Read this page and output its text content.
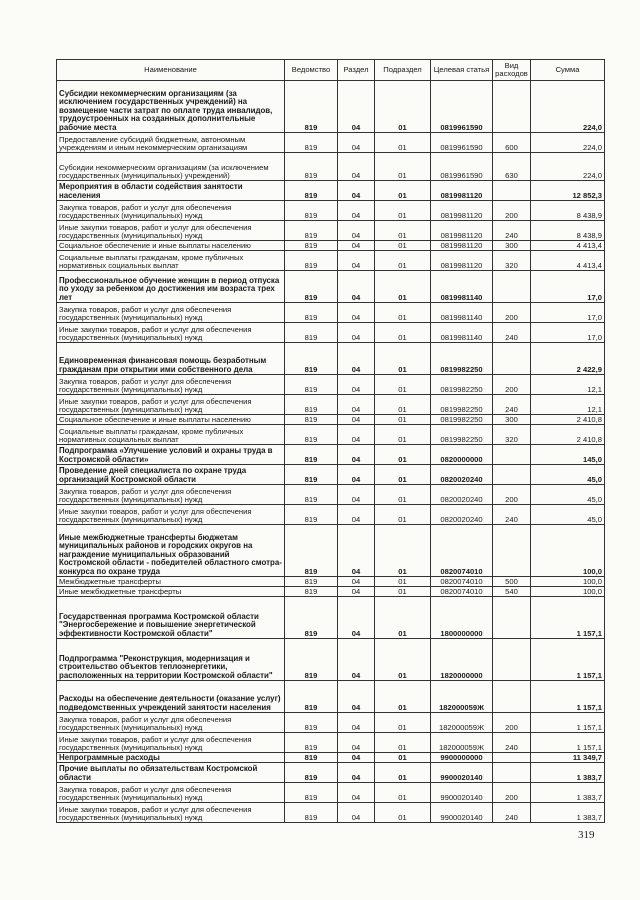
Наименование	Ведомство	Раздел	Подраздел	Целевая статья	Вид расходов	Сумма
Субсидии некоммерческим организациям (за исключением государственных учреждений) на возмещение части затрат по оплате труда инвалидов, трудоустроенных на созданных дополнительные рабочие места	819	04	01	0819961590		224,0
Предоставление субсидий бюджетным, автономным учреждениям и иным некоммерческим организациям	819	04	01	0819961590	600	224,0
Субсидии некоммерческим организациям (за исключением государственных (муниципальных) учреждений)	819	04	01	0819961590	630	224,0
Мероприятия в области содействия занятости населения	819	04	01	0819981120		12 852,3
Закупка товаров, работ и услуг для обеспечения государственных (муниципальных) нужд	819	04	01	0819981120	200	8 438,9
Иные закупки товаров, работ и услуг для обеспечения государственных (муниципальных) нужд	819	04	01	0819981120	240	8 438,9
Социальное обеспечение и иные выплаты населению	819	04	01	0819981120	300	4 413,4
Социальные выплаты гражданам, кроме публичных нормативных социальных выплат	819	04	01	0819981120	320	4 413,4
Профессиональное обучение женщин в период отпуска по уходу за ребенком до достижения им возраста трех лет	819	04	01	0819981140		17,0
Закупка товаров, работ и услуг для обеспечения государственных (муниципальных) нужд	819	04	01	0819981140	200	17,0
Иные закупки товаров, работ и услуг для обеспечения государственных (муниципальных) нужд	819	04	01	0819981140	240	17,0
Единовременная финансовая помощь безработным гражданам при открытии ими собственного дела	819	04	01	0819982250		2 422,9
Закупка товаров, работ и услуг для обеспечения государственных (муниципальных) нужд	819	04	01	0819982250	200	12,1
Иные закупки товаров, работ и услуг для обеспечения государственных (муниципальных) нужд	819	04	01	0819982250	240	12,1
Социальное обеспечение и иные выплаты населению	819	04	01	0819982250	300	2 410,8
Социальные выплаты гражданам, кроме публичных нормативных социальных выплат	819	04	01	0819982250	320	2 410,8
Подпрограмма «Улучшение условий и охраны труда в Костромской области»	819	04	01	0820000000		145,0
Проведение дней специалиста по охране труда организаций Костромской области	819	04	01	0820020240		45,0
Закупка товаров, работ и услуг для обеспечения государственных (муниципальных) нужд	819	04	01	0820020240	200	45,0
Иные закупки товаров, работ и услуг для обеспечения государственных (муниципальных) нужд	819	04	01	0820020240	240	45,0
Иные межбюджетные трансферты бюджетам муниципальных районов и городских округов на награждение муниципальных образований Костромской области - победителей областного смотра-конкурса по охране труда	819	04	01	0820074010		100,0
Межбюджетные трансферты	819	04	01	0820074010	500	100,0
Иные межбюджетные трансферты	819	04	01	0820074010	540	100,0
Государственная программа Костромской области "Энергосбережение и повышение энергетической эффективности Костромской области"	819	04	01	1800000000		1 157,1
Подпрограмма "Реконструкция, модернизация и строительство объектов теплоэнергетики, расположенных на территории Костромской области"	819	04	01	1820000000		1 157,1
Расходы на обеспечение деятельности (оказание услуг) подведомственных учреждений занятости населения	819	04	01	182000059Ж		1 157,1
Закупка товаров, работ и услуг для обеспечения государственных (муниципальных) нужд	819	04	01	182000059Ж	200	1 157,1
Иные закупки товаров, работ и услуг для обеспечения государственных (муниципальных) нужд	819	04	01	182000059Ж	240	1 157,1
Непрограммные расходы	819	04	01	9900000000		11 349,7
Прочие выплаты по обязательствам Костромской области	819	04	01	9900020140		1 383,7
Закупка товаров, работ и услуг для обеспечения государственных (муниципальных) нужд	819	04	01	9900020140	200	1 383,7
Иные закупки товаров, работ и услуг для обеспечения государственных (муниципальных) нужд	819	04	01	9900020140	240	1 383,7
319
